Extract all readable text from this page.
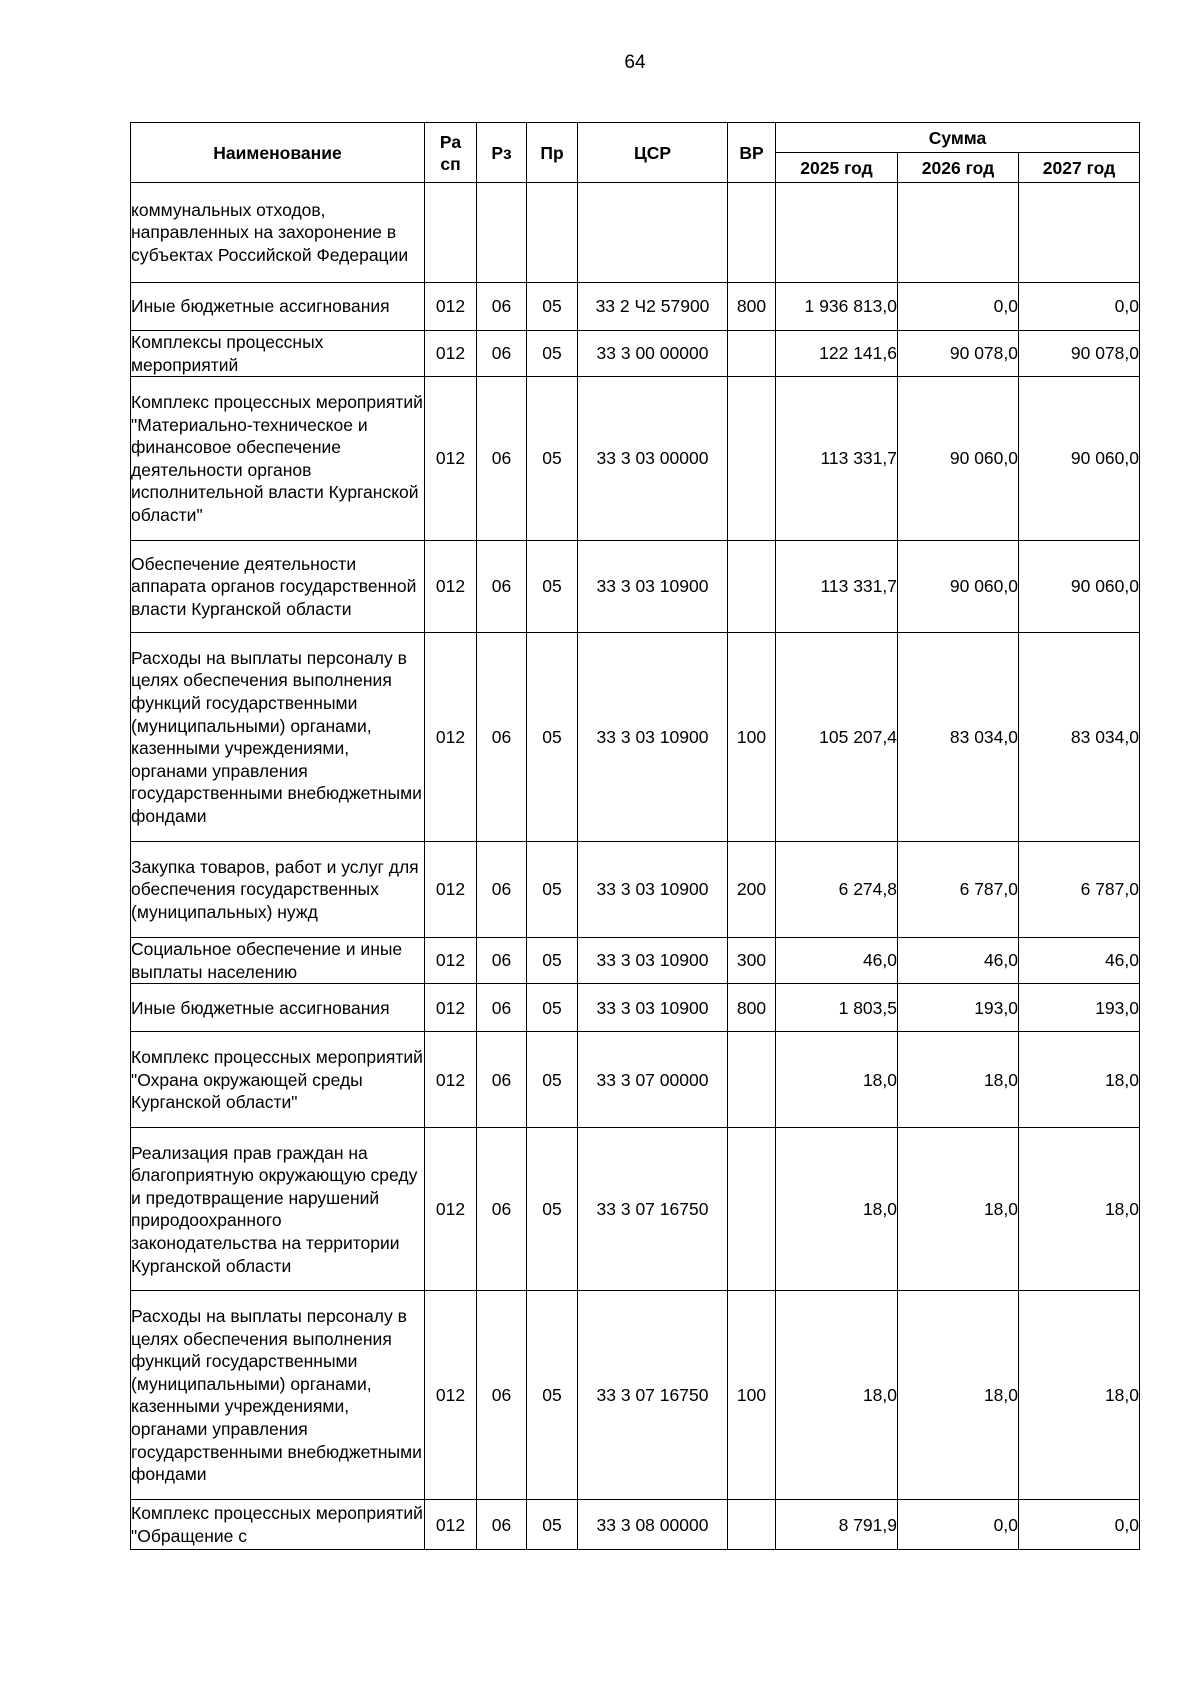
64
Наименование	Ра
сп	Рз	Пр	ЦСР	ВР	Сумма		
						2025 год	2026 год	2027 год
коммунальных отходов, направленных на захоронение в субъектах Российской Федерации								
Иные бюджетные ассигнования	012	06	05	33 2 Ч2 57900	800	1 936 813,0	0,0	0,0
Комплексы процессных мероприятий	012	06	05	33 3 00 00000		122 141,6	90 078,0	90 078,0
Комплекс процессных мероприятий "Материально-техническое и финансовое обеспечение деятельности органов исполнительной власти Курганской области"	012	06	05	33 3 03 00000		113 331,7	90 060,0	90 060,0
Обеспечение деятельности аппарата органов государственной власти Курганской области	012	06	05	33 3 03 10900		113 331,7	90 060,0	90 060,0
Расходы на выплаты персоналу в целях обеспечения выполнения функций государственными (муниципальными) органами, казенными учреждениями, органами управления государственными внебюджетными фондами	012	06	05	33 3 03 10900	100	105 207,4	83 034,0	83 034,0
Закупка товаров, работ и услуг для обеспечения государственных (муниципальных) нужд	012	06	05	33 3 03 10900	200	6 274,8	6 787,0	6 787,0
Социальное обеспечение и иные выплаты населению	012	06	05	33 3 03 10900	300	46,0	46,0	46,0
Иные бюджетные ассигнования	012	06	05	33 3 03 10900	800	1 803,5	193,0	193,0
Комплекс процессных мероприятий "Охрана окружающей среды Курганской области"	012	06	05	33 3 07 00000		18,0	18,0	18,0
Реализация прав граждан на благоприятную окружающую среду и предотвращение нарушений природоохранного законодательства на территории Курганской области	012	06	05	33 3 07 16750		18,0	18,0	18,0
Расходы на выплаты персоналу в целях обеспечения выполнения функций государственными (муниципальными) органами, казенными учреждениями, органами управления государственными внебюджетными фондами	012	06	05	33 3 07 16750	100	18,0	18,0	18,0
Комплекс процессных мероприятий "Обращение с	012	06	05	33 3 08 00000		8 791,9	0,0	0,0
